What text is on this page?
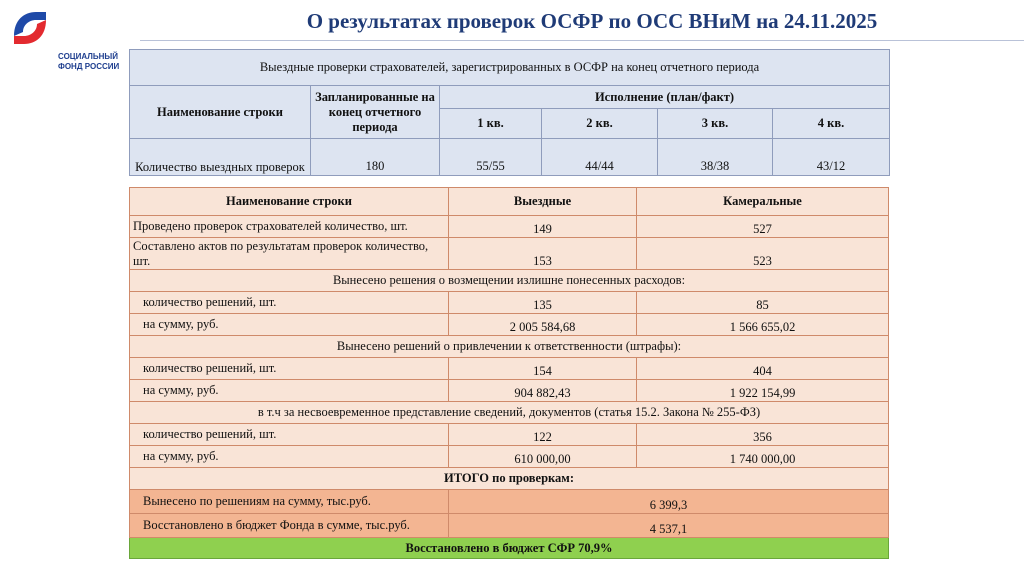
СОЦИАЛЬНЫЙ
ФОНД РОССИИ
О результатах проверок ОСФР по ОСС ВНиМ на 24.11.2025
Выездные проверки страхователей, зарегистрированных в ОСФР на конец отчетного периода					
Наименование строки	Запланированные на конец отчетного периода	Исполнение (план/факт)			
		1 кв.	2 кв.	3 кв.	4 кв.
Количество выездных проверок	180	55/55	44/44	38/38	43/12
Наименование строки	Выездные	Камеральные
Проведено проверок страхователей количество, шт.	149	527
Составлено актов по результатам проверок количество, шт.	153	523
Вынесено решения о возмещении излишне понесенных расходов:		
количество решений, шт.	135	85
на сумму, руб.	2 005 584,68	1 566 655,02
Вынесено решений о привлечении к ответственности (штрафы):		
количество решений, шт.	154	404
на сумму, руб.	904 882,43	1 922 154,99
в т.ч за несвоевременное представление сведений, документов (статья 15.2. Закона № 255-ФЗ)		
количество решений, шт.	122	356
на сумму, руб.	610 000,00	1 740 000,00
ИТОГО по проверкам:		
Вынесено по решениям на сумму, тыс.руб.	6 399,3	
Восстановлено в бюджет Фонда в сумме, тыс.руб.	4 537,1	
Восстановлено в бюджет СФР 70,9%		
